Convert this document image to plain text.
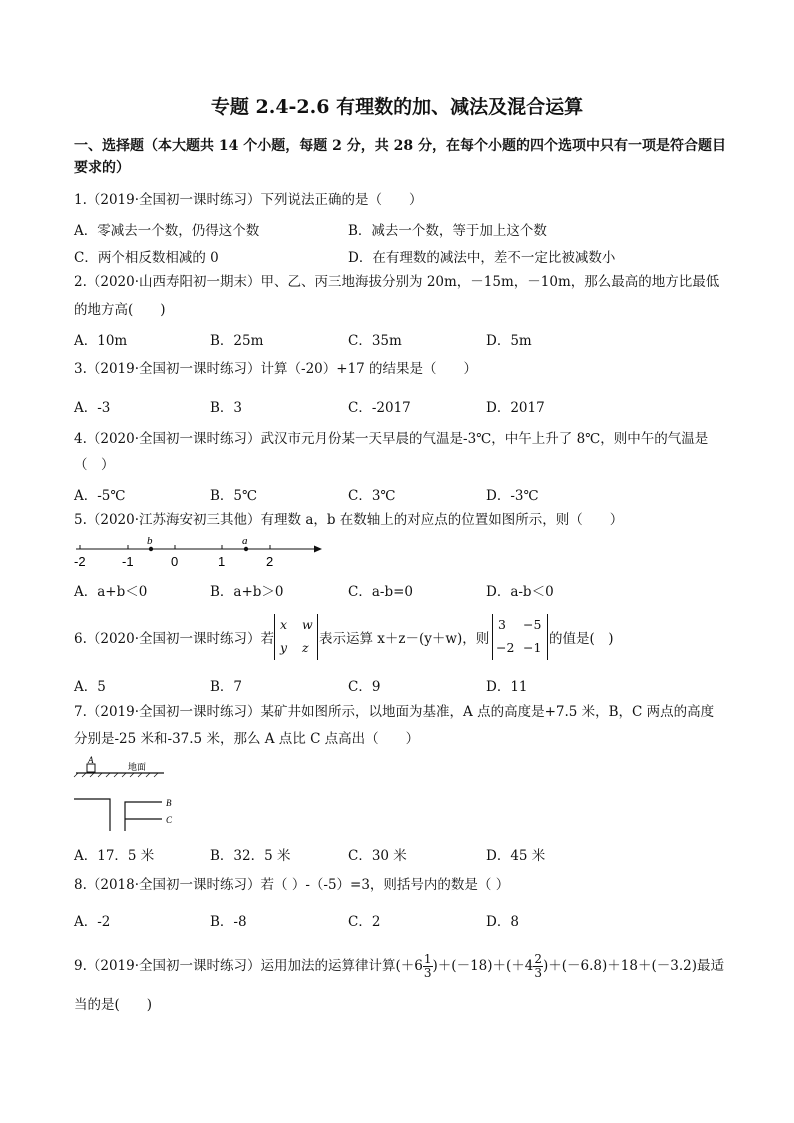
专题 2.4-2.6 有理数的加、减法及混合运算
一、选择题（本大题共 14 个小题，每题 2 分，共 28 分，在每个小题的四个选项中只有一项是符合题目要求的）
1.（2019·全国初一课时练习）下列说法正确的是（　　）
A．零减去一个数，仍得这个数	B．减去一个数，等于加上这个数
C．两个相反数相减的 0	D．在有理数的减法中，差不一定比被减数小
2.（2020·山西寿阳初一期末）甲、乙、丙三地海拔分别为 20m，－15m，－10m，那么最高的地方比最低
的地方高(　　)
A．10m	B．25m	C．35m	D．5m
3.（2019·全国初一课时练习）计算（-20）+17 的结果是（　　）
A．-3	B．3	C．-2017	D．2017
4.（2020·全国初一课时练习）武汉市元月份某一天早晨的气温是-3℃，中午上升了 8℃，则中午的气温是
（　）
A．-5℃	B．5℃	C．3℃	D．-3℃
5.（2020·江苏海安初三其他）有理数 a，b 在数轴上的对应点的位置如图所示，则（　　）
b	a
-2	-1	0	1	2
A．a+b＜0	B．a+b＞0	C．a-b=0	D．a-b＜0
6.（2020·全国初一课时练习）若
x w
y z
表示运算 x＋z－(y＋w)，则
3 −5
−2 −1
的值是(　)
A．5	B．7	C．9	D．11
7.（2019·全国初一课时练习）某矿井如图所示，以地面为基准，A 点的高度是+7.5 米，B，C 两点的高度
分别是-25 米和-37.5 米，那么 A 点比 C 点高出（　　）
A
地面
B
C
A．17．5 米	B．32．5 米	C．30 米	D．45 米
8.（2018·全国初一课时练习）若（ ）-（-5）=3，则括号内的数是（ ）
A．-2	B．-8	C．2	D．8
9.（2019·全国初一课时练习）运用加法的运算律计算$(+6 \frac{1}{3} )+(-18)+(+4 \frac{2}{3} )+(-6.8)+18+(-3.2)$最适
当的是(　　)
